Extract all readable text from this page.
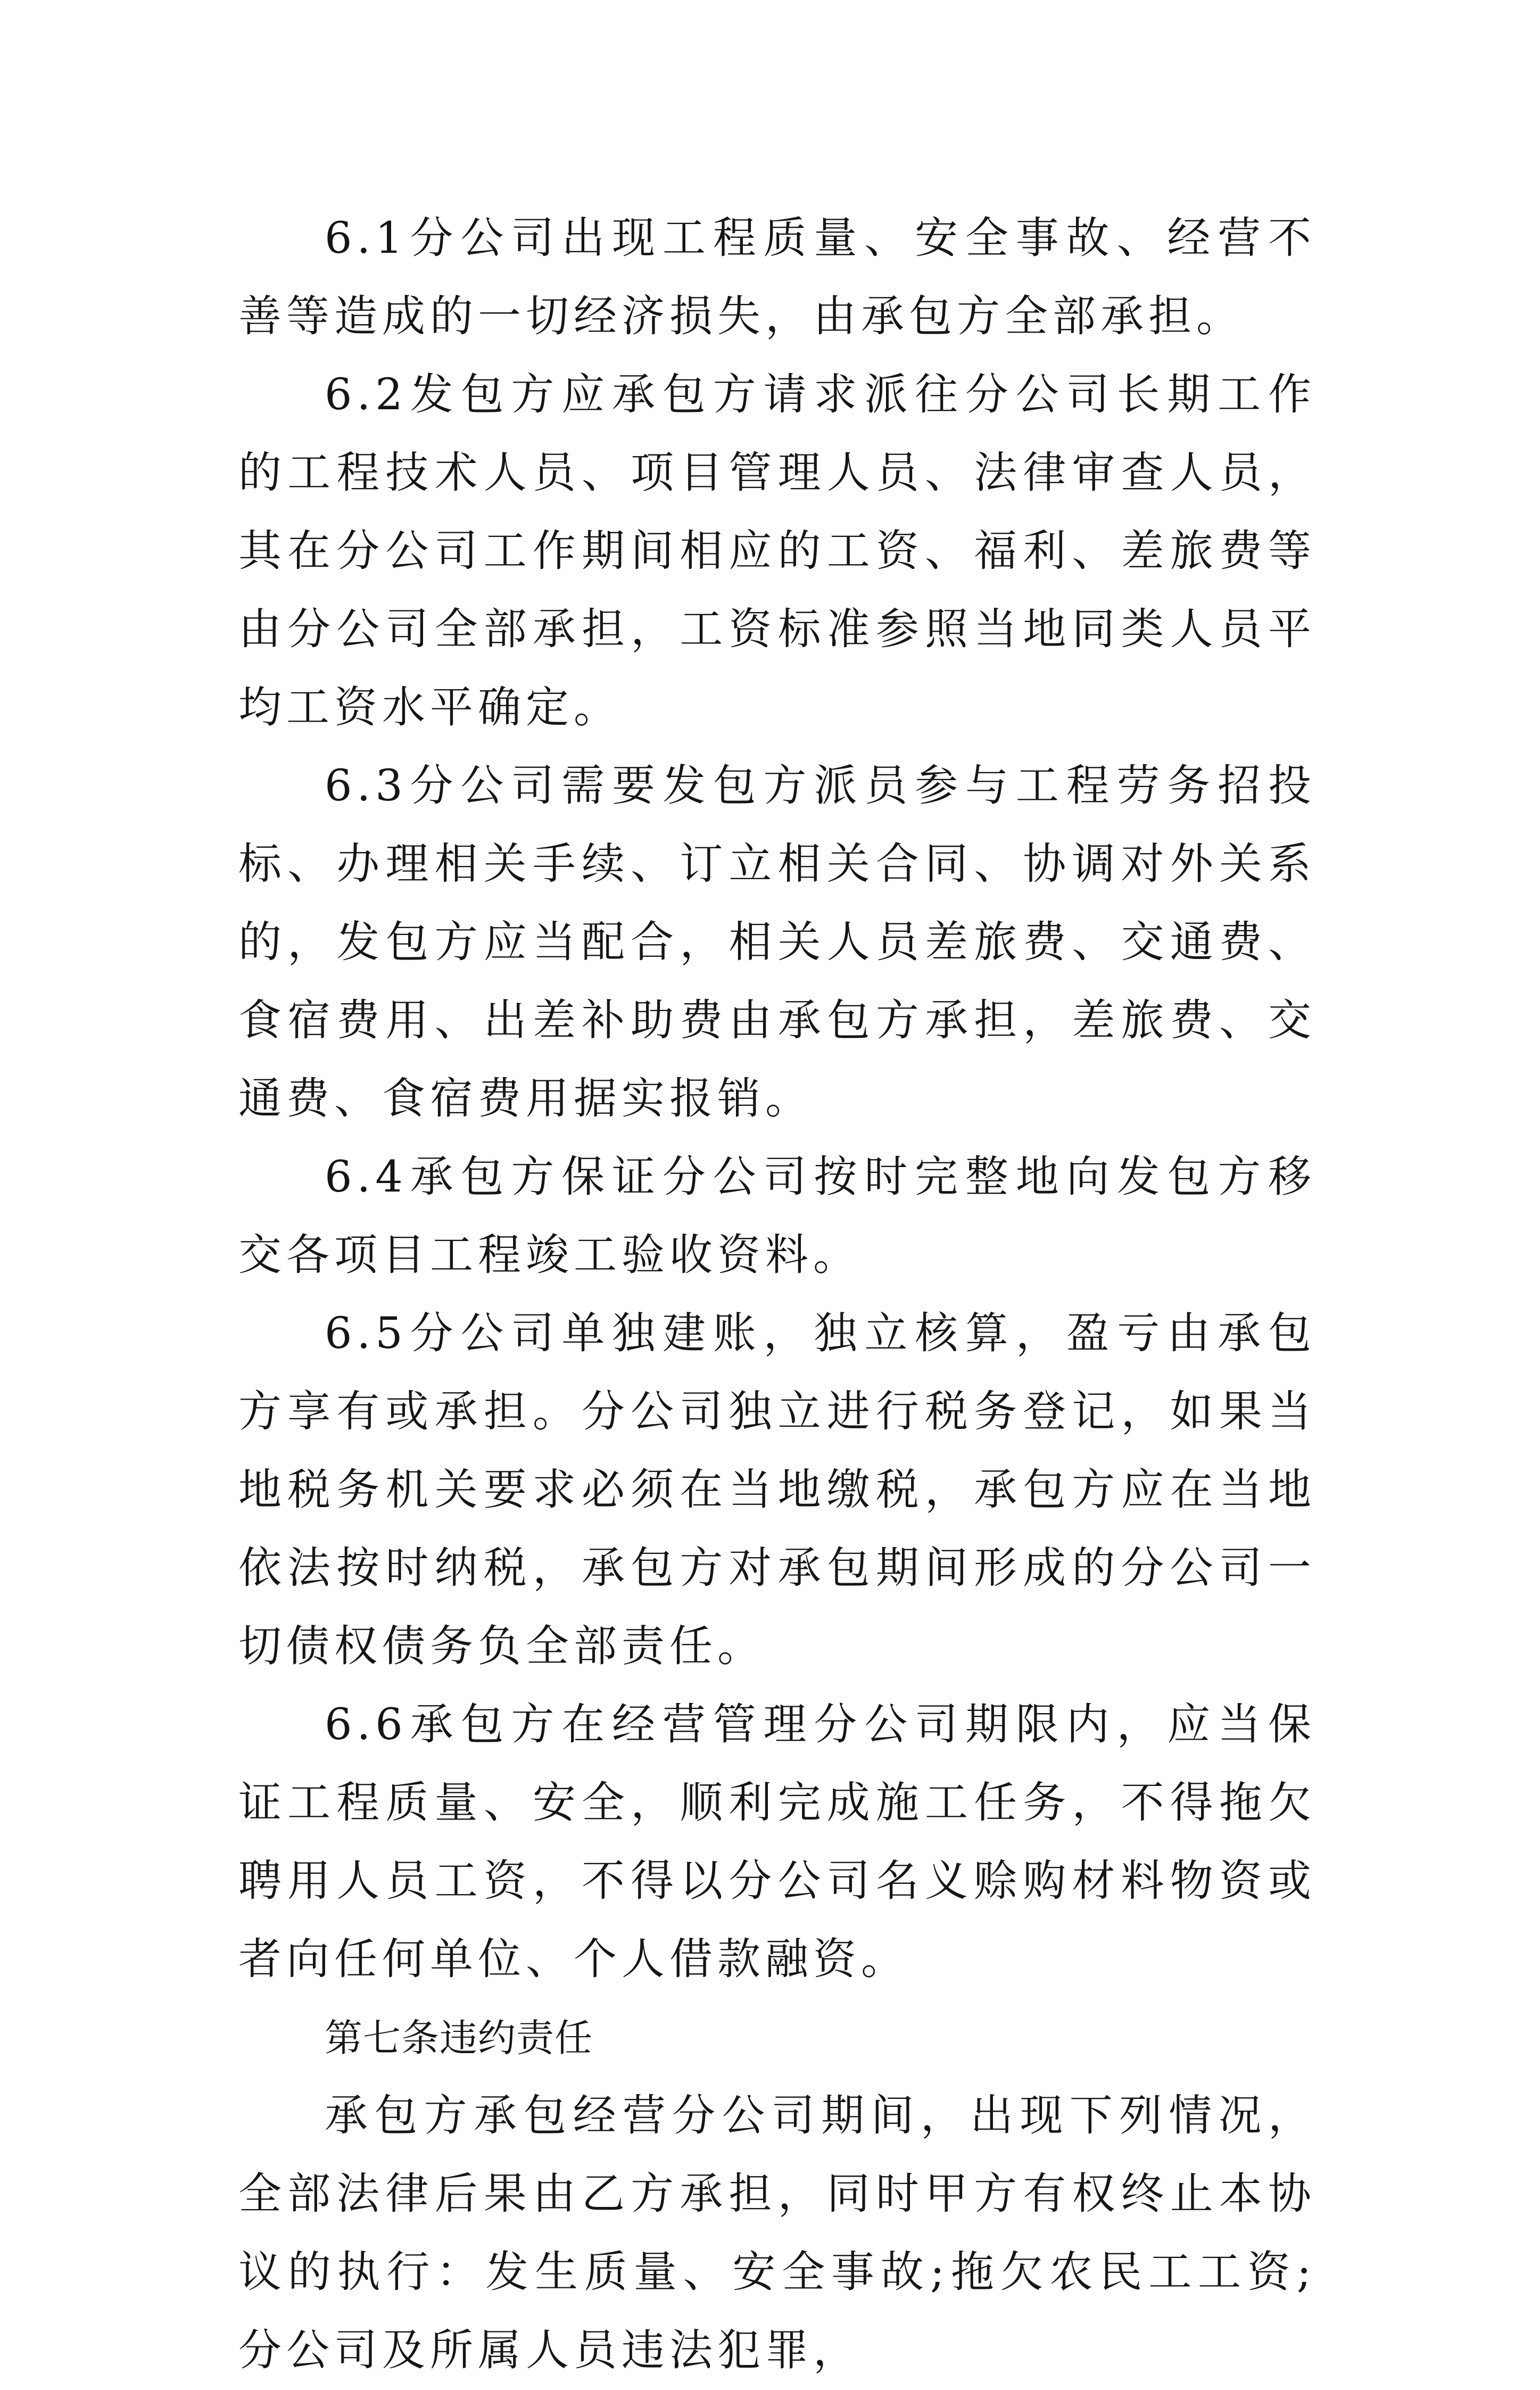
6.1分公司出现工程质量、安全事故、经营不善等造成的一切经济损失，由承包方全部承担。

6.2发包方应承包方请求派往分公司长期工作的工程技术人员、项目管理人员、法律审查人员，其在分公司工作期间相应的工资、福利、差旅费等由分公司全部承担，工资标准参照当地同类人员平均工资水平确定。

6.3分公司需要发包方派员参与工程劳务招投标、办理相关手续、订立相关合同、协调对外关系的，发包方应当配合，相关人员差旅费、交通费、食宿费用、出差补助费由承包方承担，差旅费、交通费、食宿费用据实报销。

6.4承包方保证分公司按时完整地向发包方移交各项目工程竣工验收资料。

6.5分公司单独建账，独立核算，盈亏由承包方享有或承担。分公司独立进行税务登记，如果当地税务机关要求必须在当地缴税，承包方应在当地依法按时纳税，承包方对承包期间形成的分公司一切债权债务负全部责任。

6.6承包方在经营管理分公司期限内，应当保证工程质量、安全，顺利完成施工任务，不得拖欠聘用人员工资，不得以分公司名义赊购材料物资或者向任何单位、个人借款融资。

第七条违约责任

承包方承包经营分公司期间，出现下列情况，全部法律后果由乙方承担，同时甲方有权终止本协议的执行：发生质量、安全事故;拖欠农民工工资;分公司及所属人员违法犯罪，
